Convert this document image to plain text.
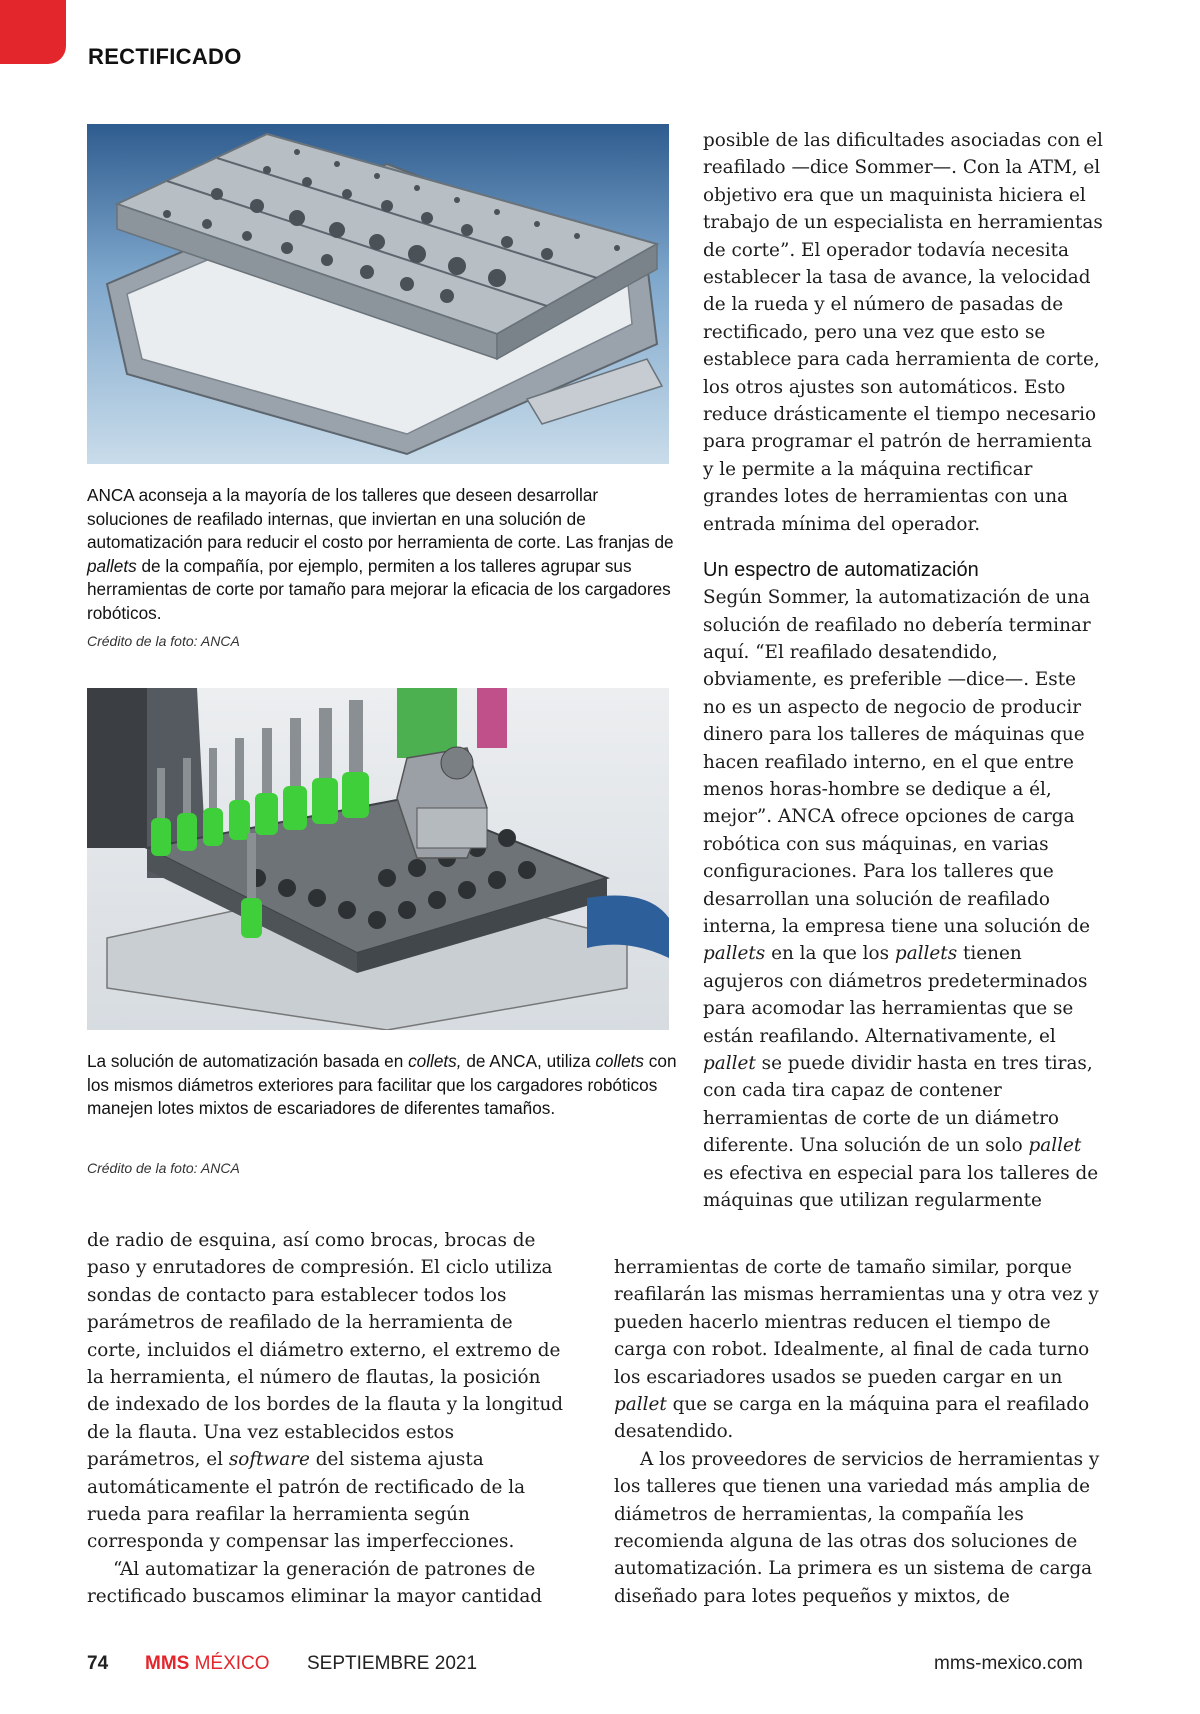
RECTIFICADO
ANCA aconseja a la mayoría de los talleres que deseen desarrollar soluciones de reafilado internas, que inviertan en una solución de automatización para reducir el costo por herramienta de corte. Las franjas de pallets de la compañía, por ejemplo, permiten a los talleres agrupar sus herramientas de corte por tamaño para mejorar la eficacia de los cargadores robóticos.
Crédito de la foto: ANCA
La solución de automatización basada en collets, de ANCA, utiliza collets con los mismos diámetros exteriores para facilitar que los cargadores robóticos manejen lotes mixtos de escariadores de diferentes tamaños.
Crédito de la foto: ANCA

posible de las dificultades asociadas con el reafilado —dice Sommer—. Con la ATM, el objetivo era que un maquinista hiciera el trabajo de un especialista en herramientas de corte”. El operador todavía necesita establecer la tasa de avance, la velocidad de la rueda y el número de pasadas de rectificado, pero una vez que esto se establece para cada herramienta de corte, los otros ajustes son automáticos. Esto reduce drásticamente el tiempo necesario para programar el patrón de herramienta y le permite a la máquina rectificar grandes lotes de herramientas con una entrada mínima del operador.

Un espectro de automatización

Según Sommer, la automatización de una solución de reafilado no debería terminar aquí. “El reafilado desatendido, obviamente, es preferible —dice—. Este no es un aspecto de negocio de producir dinero para los talleres de máquinas que hacen reafilado interno, en el que entre menos horas-hombre se dedique a él, mejor”. ANCA ofrece opciones de carga robótica con sus máquinas, en varias configuraciones. Para los talleres que desarrollan una solución de reafilado interna, la empresa tiene una solución de pallets en la que los pallets tienen agujeros con diámetros predeterminados para acomodar las herramientas que se están reafilando. Alternativamente, el pallet se puede dividir hasta en tres tiras, con cada tira capaz de contener herramientas de corte de un diámetro diferente. Una solución de un solo pallet es efectiva en especial para los talleres de máquinas que utilizan regularmente

de radio de esquina, así como brocas, brocas de paso y enrutadores de compresión. El ciclo utiliza sondas de contacto para establecer todos los parámetros de reafilado de la herramienta de corte, incluidos el diámetro externo, el extremo de la herramienta, el número de flautas, la posición de indexado de los bordes de la flauta y la longitud de la flauta. Una vez establecidos estos parámetros, el software del sistema ajusta automáticamente el patrón de rectificado de la rueda para reafilar la herramienta según corresponda y compensar las imperfecciones.

“Al automatizar la generación de patrones de rectificado buscamos eliminar la mayor cantidad

herramientas de corte de tamaño similar, porque reafilarán las mismas herramientas una y otra vez y pueden hacerlo mientras reducen el tiempo de carga con robot. Idealmente, al final de cada turno los escariadores usados se pueden cargar en un pallet que se carga en la máquina para el reafilado desatendido.

A los proveedores de servicios de herramientas y los talleres que tienen una variedad más amplia de diámetros de herramientas, la compañía les recomienda alguna de las otras dos soluciones de automatización. La primera es un sistema de carga diseñado para lotes pequeños y mixtos, de

74 MMS MÉXICO SEPTIEMBRE 2021	mms-mexico.com
